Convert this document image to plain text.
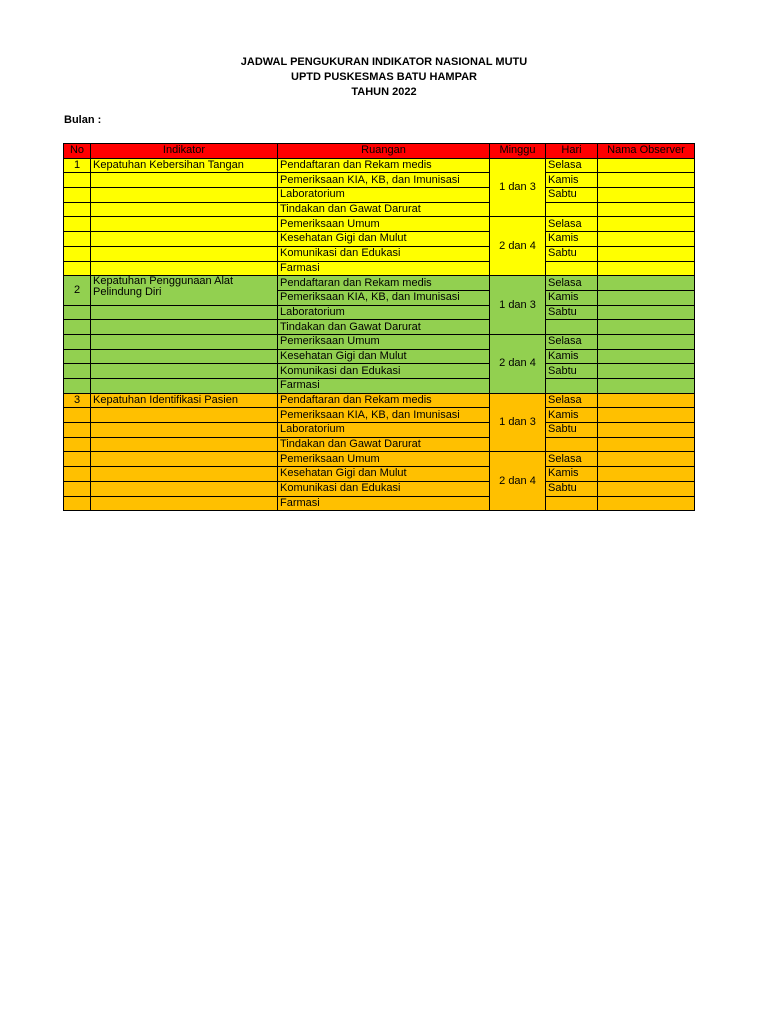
JADWAL PENGUKURAN INDIKATOR NASIONAL MUTU
UPTD PUSKESMAS BATU HAMPAR
TAHUN 2022
Bulan :
No	Indikator	Ruangan	Minggu	Hari	Nama Observer
1	Kepatuhan Kebersihan Tangan	Pendaftaran dan Rekam medis	1 dan 3	Selasa	
		Pemeriksaan KIA, KB, dan Imunisasi		Kamis	
		Laboratorium		Sabtu	
		Tindakan dan Gawat Darurat			
		Pemeriksaan Umum	2 dan 4	Selasa	
		Kesehatan Gigi dan Mulut		Kamis	
		Komunikasi dan Edukasi		Sabtu	
		Farmasi			
2	Kepatuhan Penggunaan Alat Pelindung Diri	Pendaftaran dan Rekam medis	1 dan 3	Selasa	
		Pemeriksaan KIA, KB, dan Imunisasi		Kamis	
		Laboratorium		Sabtu	
		Tindakan dan Gawat Darurat			
		Pemeriksaan Umum	2 dan 4	Selasa	
		Kesehatan Gigi dan Mulut		Kamis	
		Komunikasi dan Edukasi		Sabtu	
		Farmasi			
3	Kepatuhan Identifikasi Pasien	Pendaftaran dan Rekam medis	1 dan 3	Selasa	
		Pemeriksaan KIA, KB, dan Imunisasi		Kamis	
		Laboratorium		Sabtu	
		Tindakan dan Gawat Darurat			
		Pemeriksaan Umum	2 dan 4	Selasa	
		Kesehatan Gigi dan Mulut		Kamis	
		Komunikasi dan Edukasi		Sabtu	
		Farmasi			
